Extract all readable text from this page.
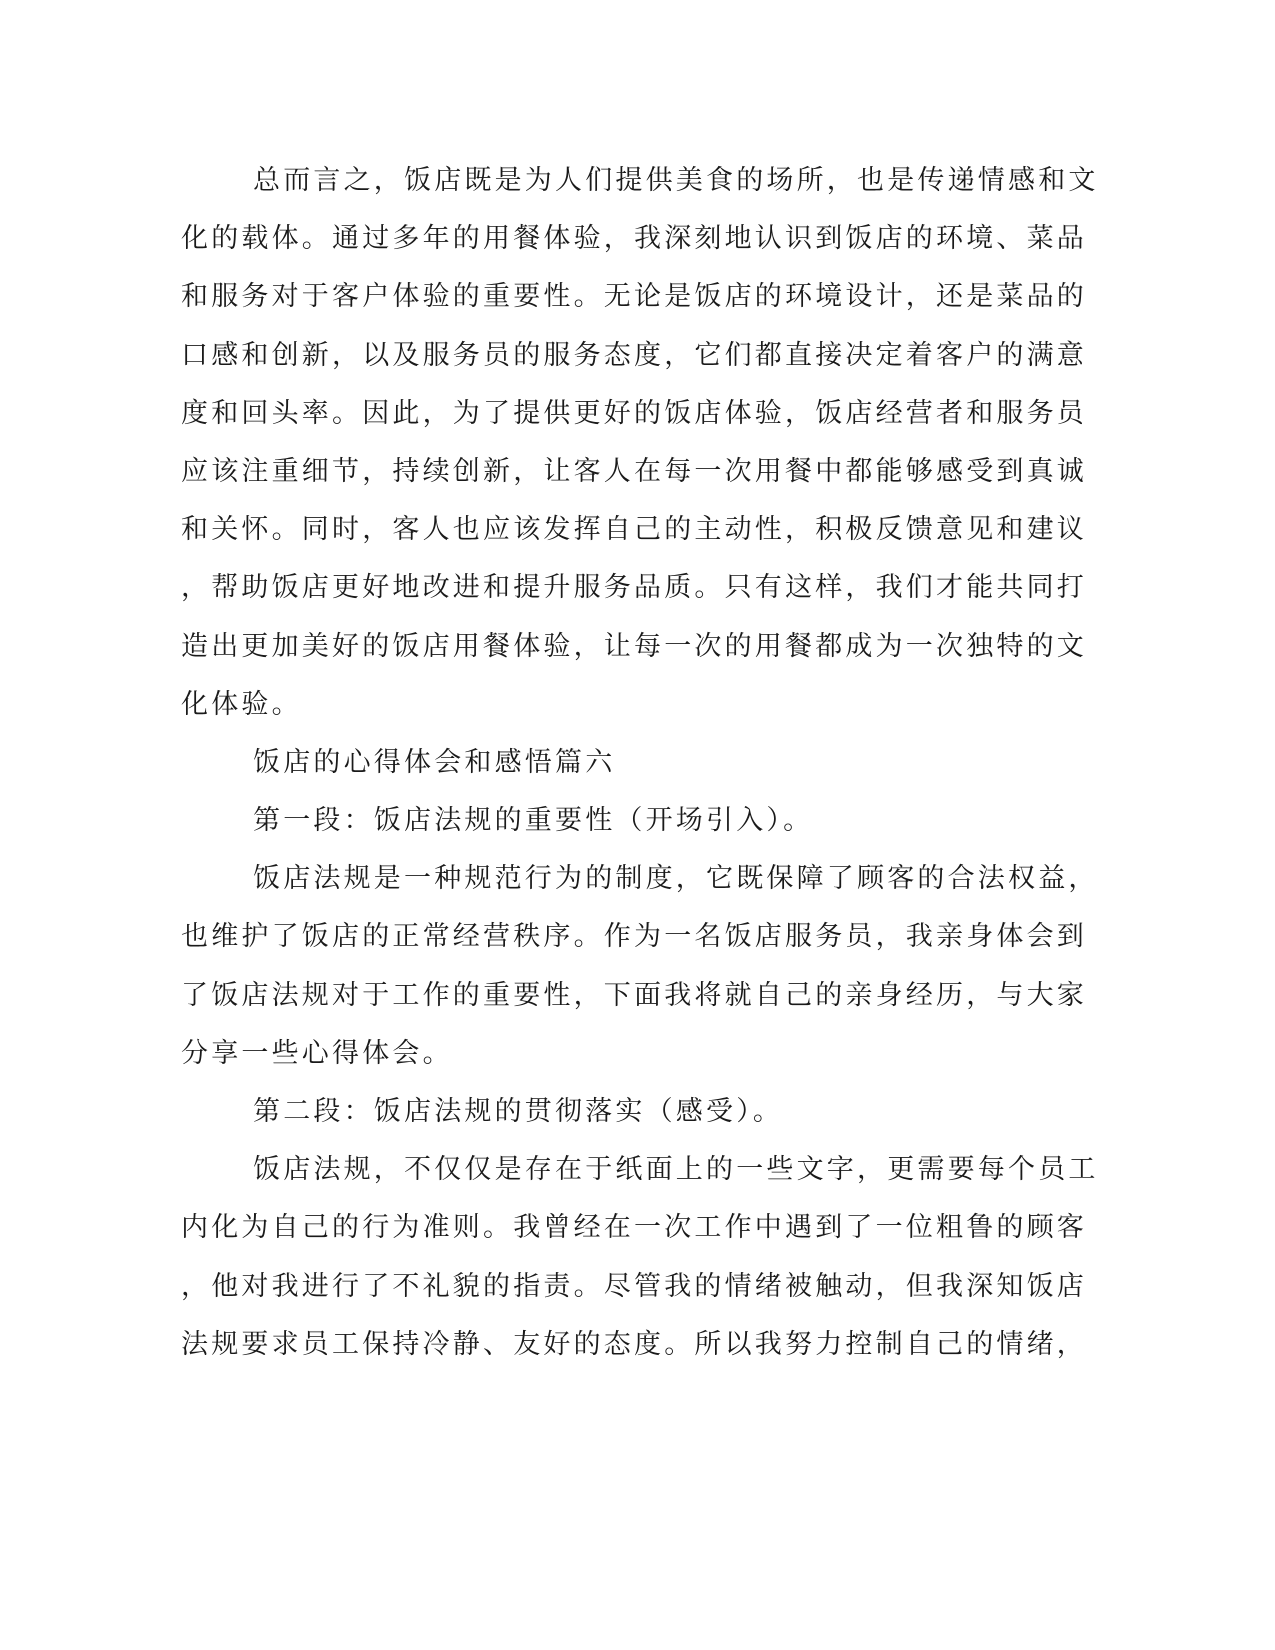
总而言之，饭店既是为人们提供美食的场所，也是传递情感和文
化的载体。通过多年的用餐体验，我深刻地认识到饭店的环境、菜品
和服务对于客户体验的重要性。无论是饭店的环境设计，还是菜品的
口感和创新，以及服务员的服务态度，它们都直接决定着客户的满意
度和回头率。因此，为了提供更好的饭店体验，饭店经营者和服务员
应该注重细节，持续创新，让客人在每一次用餐中都能够感受到真诚
和关怀。同时，客人也应该发挥自己的主动性，积极反馈意见和建议
，帮助饭店更好地改进和提升服务品质。只有这样，我们才能共同打
造出更加美好的饭店用餐体验，让每一次的用餐都成为一次独特的文
化体验。
饭店的心得体会和感悟篇六
第一段：饭店法规的重要性（开场引入）。
饭店法规是一种规范行为的制度，它既保障了顾客的合法权益，
也维护了饭店的正常经营秩序。作为一名饭店服务员，我亲身体会到
了饭店法规对于工作的重要性，下面我将就自己的亲身经历，与大家
分享一些心得体会。
第二段：饭店法规的贯彻落实（感受）。
饭店法规，不仅仅是存在于纸面上的一些文字，更需要每个员工
内化为自己的行为准则。我曾经在一次工作中遇到了一位粗鲁的顾客
，他对我进行了不礼貌的指责。尽管我的情绪被触动，但我深知饭店
法规要求员工保持冷静、友好的态度。所以我努力控制自己的情绪，
